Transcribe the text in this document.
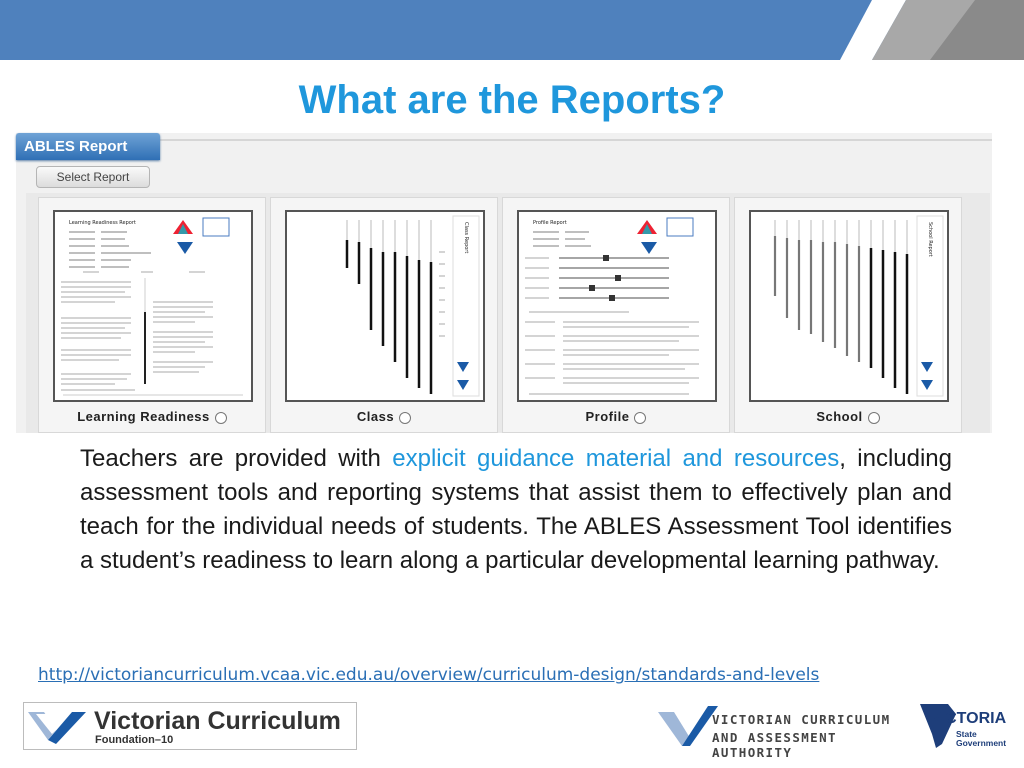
What are the Reports?
ABLES Report
Select Report
Learning Readiness Report
Learning Readiness
Class Report
Class
Profile Report
Profile
School Report
School

Teachers are provided with explicit guidance material and resources, including assessment tools and reporting systems that assist them to effectively plan and teach for the individual needs of students. The ABLES Assessment Tool identifies a student’s readiness to learn along a particular developmental learning pathway.

http://victoriancurriculum.vcaa.vic.edu.au/overview/curriculum-design/standards-and-levels
Victorian Curriculum
Foundation–10
VICTORIAN CURRICULUM
AND ASSESSMENT AUTHORITY
VICTORIA
State
Government
